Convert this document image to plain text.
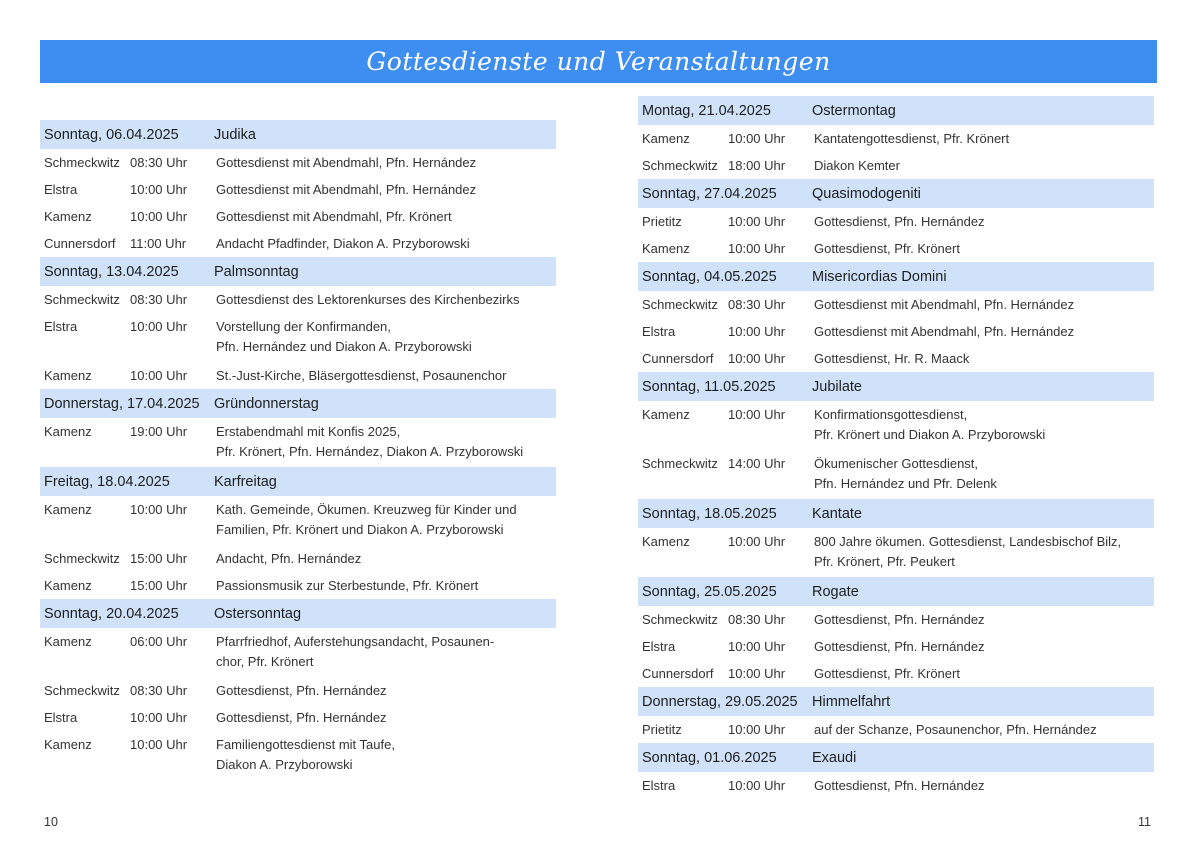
Gottesdienste und Veranstaltungen
Sonntag, 06.04.2025	Judika
Schmeckwitz 08:30 Uhr	Gottesdienst mit Abendmahl, Pfn. Hernández
Elstra	10:00 Uhr	Gottesdienst mit Abendmahl, Pfn. Hernández
Kamenz	10:00 Uhr	Gottesdienst mit Abendmahl, Pfr. Krönert
Cunnersdorf	11:00 Uhr	Andacht Pfadfinder, Diakon A. Przyborowski
Sonntag, 13.04.2025	Palmsonntag
Schmeckwitz 08:30 Uhr	Gottesdienst des Lektorenkurses des Kirchenbezirks
Elstra	10:00 Uhr	Vorstellung der Konfirmanden,
Pfn. Hernández und Diakon A. Przyborowski
Kamenz	10:00 Uhr	St.-Just-Kirche, Bläsergottesdienst, Posaunenchor
Donnerstag, 17.04.2025 Gründonnerstag
Kamenz	19:00 Uhr	Erstabendmahl mit Konfis 2025,
Pfr. Krönert, Pfn. Hernández, Diakon A. Przyborowski
Freitag, 18.04.2025	Karfreitag
Kamenz	10:00 Uhr	Kath. Gemeinde, Ökumen. Kreuzweg für Kinder und
Familien, Pfr. Krönert und Diakon A. Przyborowski
Schmeckwitz 15:00 Uhr	Andacht, Pfn. Hernández
Kamenz	15:00 Uhr	Passionsmusik zur Sterbestunde, Pfr. Krönert
Sonntag, 20.04.2025	Ostersonntag
Kamenz	06:00 Uhr	Pfarrfriedhof, Auferstehungsandacht, Posaunen-
chor, Pfr. Krönert
Schmeckwitz 08:30 Uhr	Gottesdienst, Pfn. Hernández
Elstra	10:00 Uhr	Gottesdienst, Pfn. Hernández
Kamenz	10:00 Uhr	Familiengottesdienst mit Taufe,
Diakon A. Przyborowski
Montag, 21.04.2025	Ostermontag
Kamenz	10:00 Uhr	Kantatengottesdienst, Pfr. Krönert
Schmeckwitz 18:00 Uhr	Diakon Kemter
Sonntag, 27.04.2025	Quasimodogeniti
Prietitz	10:00 Uhr	Gottesdienst, Pfn. Hernández
Kamenz	10:00 Uhr	Gottesdienst, Pfr. Krönert
Sonntag, 04.05.2025	Misericordias Domini
Schmeckwitz 08:30 Uhr	Gottesdienst mit Abendmahl, Pfn. Hernández
Elstra	10:00 Uhr	Gottesdienst mit Abendmahl, Pfn. Hernández
Cunnersdorf	10:00 Uhr	Gottesdienst, Hr. R. Maack
Sonntag, 11.05.2025	Jubilate
Kamenz	10:00 Uhr	Konfirmationsgottesdienst,
Pfr. Krönert und Diakon A. Przyborowski
Schmeckwitz 14:00 Uhr	Ökumenischer Gottesdienst,
Pfn. Hernández und Pfr. Delenk
Sonntag, 18.05.2025	Kantate
Kamenz	10:00 Uhr	800 Jahre ökumen. Gottesdienst, Landesbischof Bilz,
Pfr. Krönert, Pfr. Peukert
Sonntag, 25.05.2025	Rogate
Schmeckwitz 08:30 Uhr	Gottesdienst, Pfn. Hernández
Elstra	10:00 Uhr	Gottesdienst, Pfn. Hernández
Cunnersdorf	10:00 Uhr	Gottesdienst, Pfr. Krönert
Donnerstag, 29.05.2025 Himmelfahrt
Prietitz	10:00 Uhr	auf der Schanze, Posaunenchor, Pfn. Hernández
Sonntag, 01.06.2025	Exaudi
Elstra	10:00 Uhr	Gottesdienst, Pfn. Hernández
10	11
